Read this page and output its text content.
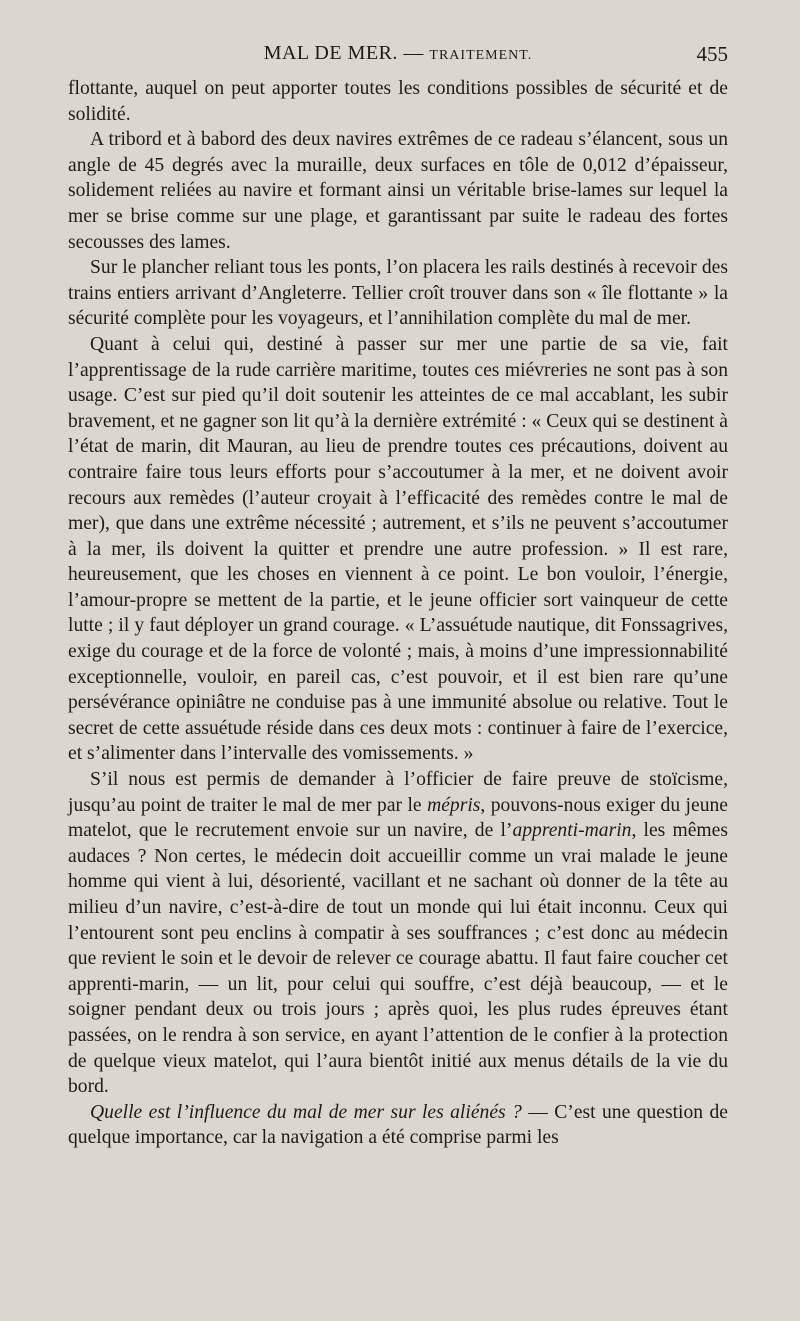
MAL DE MER. — TRAITEMENT.	455

flottante, auquel on peut apporter toutes les conditions possibles de sécurité et de solidité.

A tribord et à babord des deux navires extrêmes de ce radeau s’élancent, sous un angle de 45 degrés avec la muraille, deux surfaces en tôle de 0,012 d’épaisseur, solidement reliées au navire et formant ainsi un véritable brise-lames sur lequel la mer se brise comme sur une plage, et garantissant par suite le radeau des fortes secousses des lames.

Sur le plancher reliant tous les ponts, l’on placera les rails destinés à recevoir des trains entiers arrivant d’Angleterre. Tellier croît trouver dans son « île flottante » la sécurité complète pour les voyageurs, et l’annihilation complète du mal de mer.

Quant à celui qui, destiné à passer sur mer une partie de sa vie, fait l’apprentissage de la rude carrière maritime, toutes ces miévreries ne sont pas à son usage. C’est sur pied qu’il doit soutenir les atteintes de ce mal accablant, les subir bravement, et ne gagner son lit qu’à la dernière extrémité : « Ceux qui se destinent à l’état de marin, dit Mauran, au lieu de prendre toutes ces précautions, doivent au contraire faire tous leurs efforts pour s’accoutumer à la mer, et ne doivent avoir recours aux remèdes (l’auteur croyait à l’efficacité des remèdes contre le mal de mer), que dans une extrême nécessité ; autrement, et s’ils ne peuvent s’accoutumer à la mer, ils doivent la quitter et prendre une autre profession. » Il est rare, heureusement, que les choses en viennent à ce point. Le bon vouloir, l’énergie, l’amour-propre se mettent de la partie, et le jeune officier sort vainqueur de cette lutte ; il y faut déployer un grand courage. « L’assuétude nautique, dit Fonssagrives, exige du courage et de la force de volonté ; mais, à moins d’une impressionnabilité exceptionnelle, vouloir, en pareil cas, c’est pouvoir, et il est bien rare qu’une persévérance opiniâtre ne conduise pas à une immunité absolue ou relative. Tout le secret de cette assuétude réside dans ces deux mots : continuer à faire de l’exercice, et s’alimenter dans l’intervalle des vomissements. »

S’il nous est permis de demander à l’officier de faire preuve de stoïcisme, jusqu’au point de traiter le mal de mer par le mépris, pouvons-nous exiger du jeune matelot, que le recrutement envoie sur un navire, de l’apprenti-marin, les mêmes audaces ? Non certes, le médecin doit accueillir comme un vrai malade le jeune homme qui vient à lui, désorienté, vacillant et ne sachant où donner de la tête au milieu d’un navire, c’est-à-dire de tout un monde qui lui était inconnu. Ceux qui l’entourent sont peu enclins à compatir à ses souffrances ; c’est donc au médecin que revient le soin et le devoir de relever ce courage abattu. Il faut faire coucher cet apprenti-marin, — un lit, pour celui qui souffre, c’est déjà beaucoup, — et le soigner pendant deux ou trois jours ; après quoi, les plus rudes épreuves étant passées, on le rendra à son service, en ayant l’attention de le confier à la protection de quelque vieux matelot, qui l’aura bientôt initié aux menus détails de la vie du bord.

Quelle est l’influence du mal de mer sur les aliénés ? — C’est une question de quelque importance, car la navigation a été comprise parmi les
